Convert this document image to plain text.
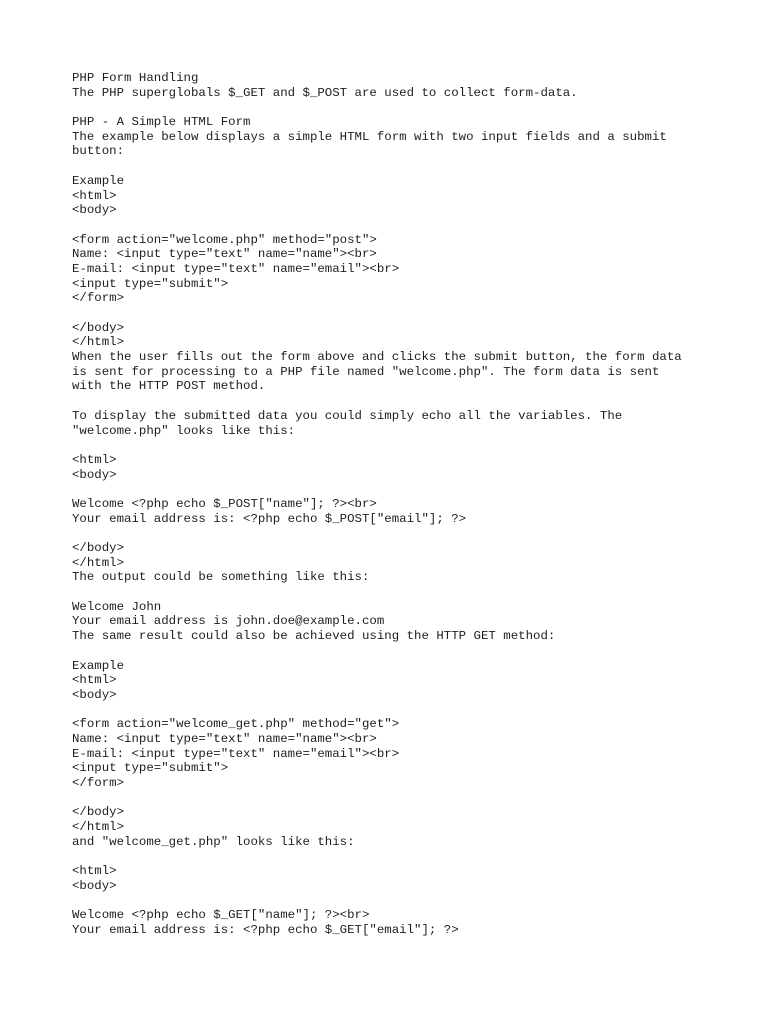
PHP Form Handling
The PHP superglobals $_GET and $_POST are used to collect form-data.
PHP - A Simple HTML Form
The example below displays a simple HTML form with two input fields and a submit
button:
Example
<html>
<body>
<form action="welcome.php" method="post">
Name: <input type="text" name="name"><br>
E-mail: <input type="text" name="email"><br>
<input type="submit">
</form>
</body>
</html>
When the user fills out the form above and clicks the submit button, the form data
is sent for processing to a PHP file named "welcome.php". The form data is sent
with the HTTP POST method.
To display the submitted data you could simply echo all the variables. The
"welcome.php" looks like this:
<html>
<body>
Welcome <?php echo $_POST["name"]; ?><br>
Your email address is: <?php echo $_POST["email"]; ?>
</body>
</html>
The output could be something like this:
Welcome John
Your email address is john.doe@example.com
The same result could also be achieved using the HTTP GET method:
Example
<html>
<body>
<form action="welcome_get.php" method="get">
Name: <input type="text" name="name"><br>
E-mail: <input type="text" name="email"><br>
<input type="submit">
</form>
</body>
</html>
and "welcome_get.php" looks like this:
<html>
<body>
Welcome <?php echo $_GET["name"]; ?><br>
Your email address is: <?php echo $_GET["email"]; ?>
